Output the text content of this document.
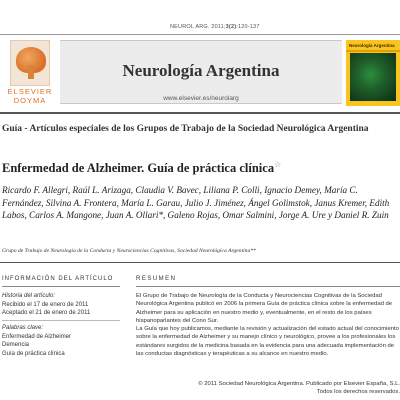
NEUROL ARG. 2011;3(2):120-137
ELSEVIER
DOYMA
Neurología Argentina
www.elsevier.es/neurolarg
Neurología Argentina
Guía - Artículos especiales de los Grupos de Trabajo de la Sociedad Neurológica Argentina
Enfermedad de Alzheimer. Guía de práctica clínica☆
Ricardo F. Allegri, Raúl L. Arizaga, Claudia V. Bavec, Liliana P. Colli, Ignacio Demey, María C. Fernández, Silvina A. Frontera, María L. Garau, Julio J. Jiménez, Ángel Golimstok, Janus Kremer, Edith Labos, Carlos A. Mangone, Juan A. Ollari*, Galeno Rojas, Omar Salmini, Jorge A. Ure y Daniel R. Zuin
Grupo de Trabajo de Neurología de la Conducta y Neurociencias Cognitivas, Sociedad Neurológica Argentina**
INFORMACIÓN DEL ARTÍCULO
Historia del artículo:
Recibido el 17 de enero de 2011
Aceptado el 21 de enero de 2011
Palabras clave:
Enfermedad de Alzheimer
Demencia
Guía de práctica clínica
RESUMEN

El Grupo de Trabajo de Neurología de la Conducta y Neurociencias Cognitivas de la Sociedad Neurológica Argentina publicó en 2006 la primera Guía de práctica clínica sobre la enfermedad de Alzheimer para su aplicación en nuestro medio y, eventualmente, en el resto de los países hispanoparlantes del Cono Sur.

La Guía que hoy publicamos, mediante la revisión y actualización del estado actual del conocimiento sobre la enfermedad de Alzheimer y su manejo clínico y neurológico, provee a los profesionales los estándares surgidos de la medicina basada en la evidencia para una adecuada implementación de las conductas diagnósticas y terapéuticas a su alcance en nuestro medio.

© 2011 Sociedad Neurológica Argentina. Publicado por Elsevier España, S.L.
Todos los derechos reservados.
